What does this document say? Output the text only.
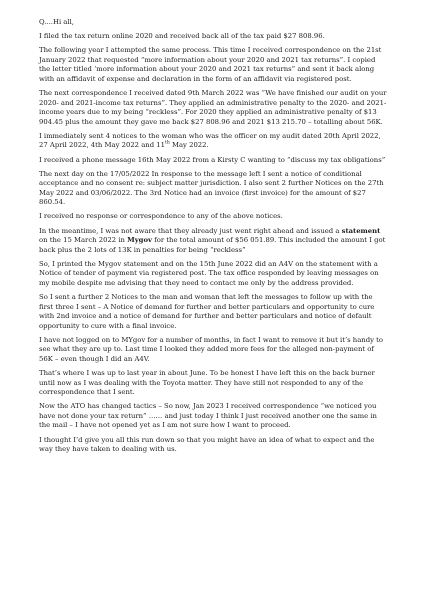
Q....Hi all,

I filed the tax return online 2020 and received back all of the tax paid $27 808.96.

The following year I attempted the same process. This time I received correspondence on the 21st January 2022 that requested “more information about your 2020 and 2021 tax returns”. I copied the letter titled ‘more information about your 2020 and 2021 tax returns” and sent it back along with an affidavit of expense and declaration in the form of an affidavit via registered post.

The next correspondence I received dated 9th March 2022 was “We have finished our audit on your 2020- and 2021-income tax returns”. They applied an administrative penalty to the 2020- and 2021-income years due to my being “reckless”. For 2020 they applied an administrative penalty of $13 904.45 plus the amount they gave me back $27 808.96 and 2021 $13 215.70 – totalling about 56K.

I immediately sent 4 notices to the woman who was the officer on my audit dated 20th April 2022, 27 April 2022, 4th May 2022 and 11th May 2022.

I received a phone message 16th May 2022 from a Kirsty C wanting to “discuss my tax obligations”

The next day on the 17/05/2022 In response to the message left I sent a notice of conditional acceptance and no consent re: subject matter jurisdiction. I also sent 2 further Notices on the 27th May 2022 and 03/06/2022. The 3rd Notice had an invoice (first invoice) for the amount of $27 860.54.

I received no response or correspondence to any of the above notices.

In the meantime, I was not aware that they already just went right ahead and issued a statement on the 15 March 2022 in Mygov for the total amount of $56 051.89. This included the amount I got back plus the 2 lots of 13K in penalties for being “reckless”

So, I printed the Mygov statement and on the 15th June 2022 did an A4V on the statement with a Notice of tender of payment via registered post. The tax office responded by leaving messages on my mobile despite me advising that they need to contact me only by the address provided.

So I sent a further 2 Notices to the man and woman that left the messages to follow up with the first three I sent – A Notice of demand for further and better particulars and opportunity to cure with 2nd invoice and a notice of demand for further and better particulars and notice of default opportunity to cure with a final invoice.

I have not logged on to MYgov for a number of months, in fact I want to remove it but it’s handy to see what they are up to. Last time I looked they added more fees for the alleged non-payment of 56K – even though I did an A4V.

That’s where I was up to last year in about June. To be honest I have left this on the back burner until now as I was dealing with the Toyota matter. They have still not responded to any of the correspondence that I sent.

Now the ATO has changed tactics – So now, Jan 2023 I received correspondence “we noticed you have not done your tax return” …… and just today I think I just received another one the same in the mail – I have not opened yet as I am not sure how I want to proceed.

I thought I’d give you all this run down so that you might have an idea of what to expect and the way they have taken to dealing with us.
